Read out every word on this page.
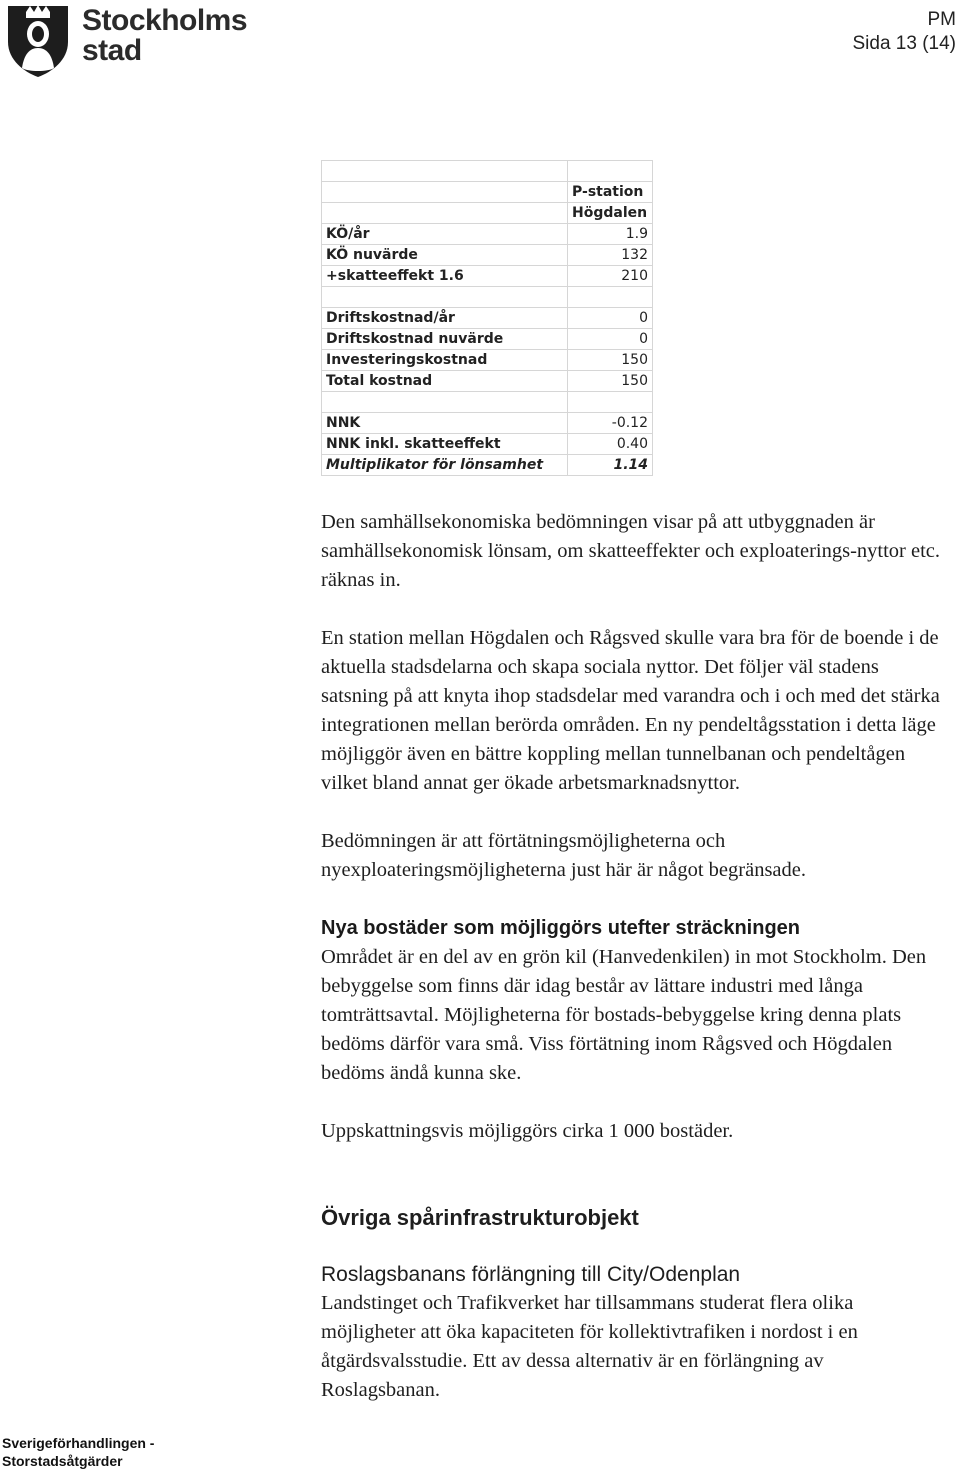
Stockholms
stad
PM
Sida 13 (14)

	P-station
	Högdalen
KÖ/år	1.9
KÖ nuvärde	132
+skatteeffekt 1.6	210

Driftskostnad/år	0
Driftskostnad nuvärde	0
Investeringskostnad	150
Total kostnad	150

NNK	-0.12
NNK inkl. skatteeffekt	0.40
Multiplikator för lönsamhet	1.14

Den samhällsekonomiska bedömningen visar på att utbyggnaden är samhällsekonomisk lönsam, om skatteeffekter och exploaterings-nyttor etc. räknas in.

En station mellan Högdalen och Rågsved skulle vara bra för de boende i de aktuella stadsdelarna och skapa sociala nyttor. Det följer väl stadens satsning på att knyta ihop stadsdelar med varandra och i och med det stärka integrationen mellan berörda områden. En ny pendeltågsstation i detta läge möjliggör även en bättre koppling mellan tunnelbanan och pendeltågen vilket bland annat ger ökade arbetsmarknadsnyttor.

Bedömningen är att förtätningsmöjligheterna och nyexploateringsmöjligheterna just här är något begränsade.

Nya bostäder som möjliggörs utefter sträckningen

Området är en del av en grön kil (Hanvedenkilen) in mot Stockholm. Den bebyggelse som finns där idag består av lättare industri med långa tomträttsavtal. Möjligheterna för bostads-bebyggelse kring denna plats bedöms därför vara små. Viss förtätning inom Rågsved och Högdalen bedöms ändå kunna ske.

Uppskattningsvis möjliggörs cirka 1 000 bostäder.

Övriga spårinfrastrukturobjekt
Roslagsbanans förlängning till City/Odenplan

Landstinget och Trafikverket har tillsammans studerat flera olika möjligheter att öka kapaciteten för kollektivtrafiken i nordost i en åtgärdsvalsstudie. Ett av dessa alternativ är en förlängning av Roslagsbanan.

Sverigeförhandlingen -
Storstadsåtgärder
